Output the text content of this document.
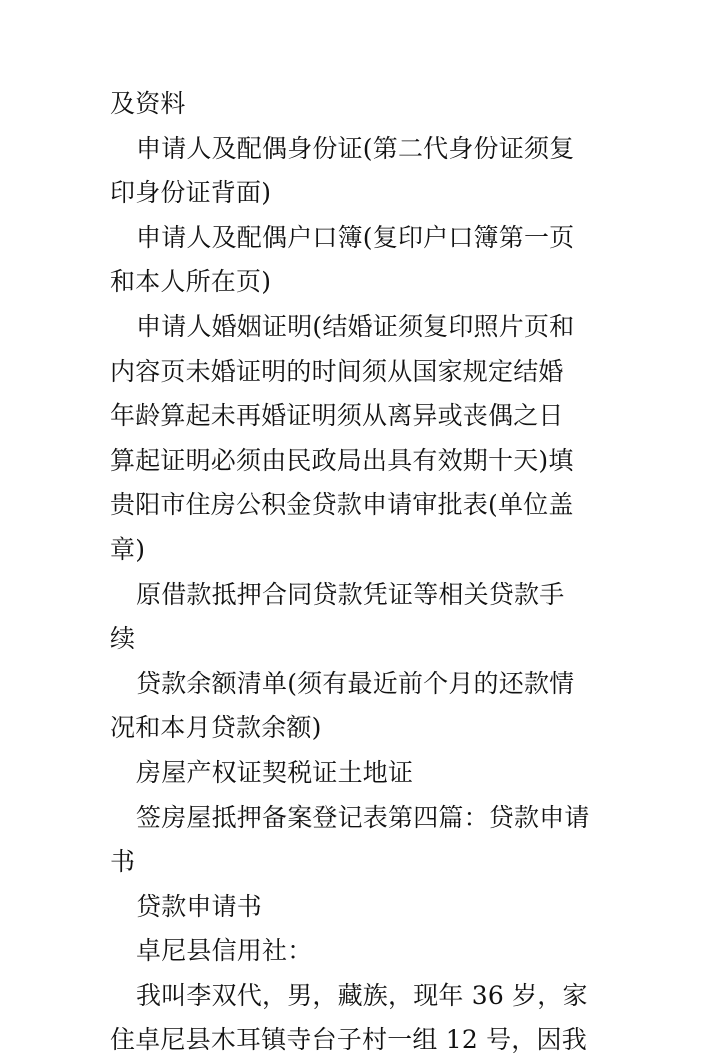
及资料
申请人及配偶身份证(第二代身份证须复
印身份证背面)
申请人及配偶户口簿(复印户口簿第一页
和本人所在页)
申请人婚姻证明(结婚证须复印照片页和
内容页未婚证明的时间须从国家规定结婚
年龄算起未再婚证明须从离异或丧偶之日
算起证明必须由民政局出具有效期十天)填
贵阳市住房公积金贷款申请审批表(单位盖
章)
原借款抵押合同贷款凭证等相关贷款手
续
贷款余额清单(须有最近前个月的还款情
况和本月贷款余额)
房屋产权证契税证土地证
签房屋抵押备案登记表第四篇：贷款申请
书
贷款申请书
卓尼县信用社：
我叫李双代，男，藏族，现年 36 岁，家
住卓尼县木耳镇寺台子村一组 12 号，因我
